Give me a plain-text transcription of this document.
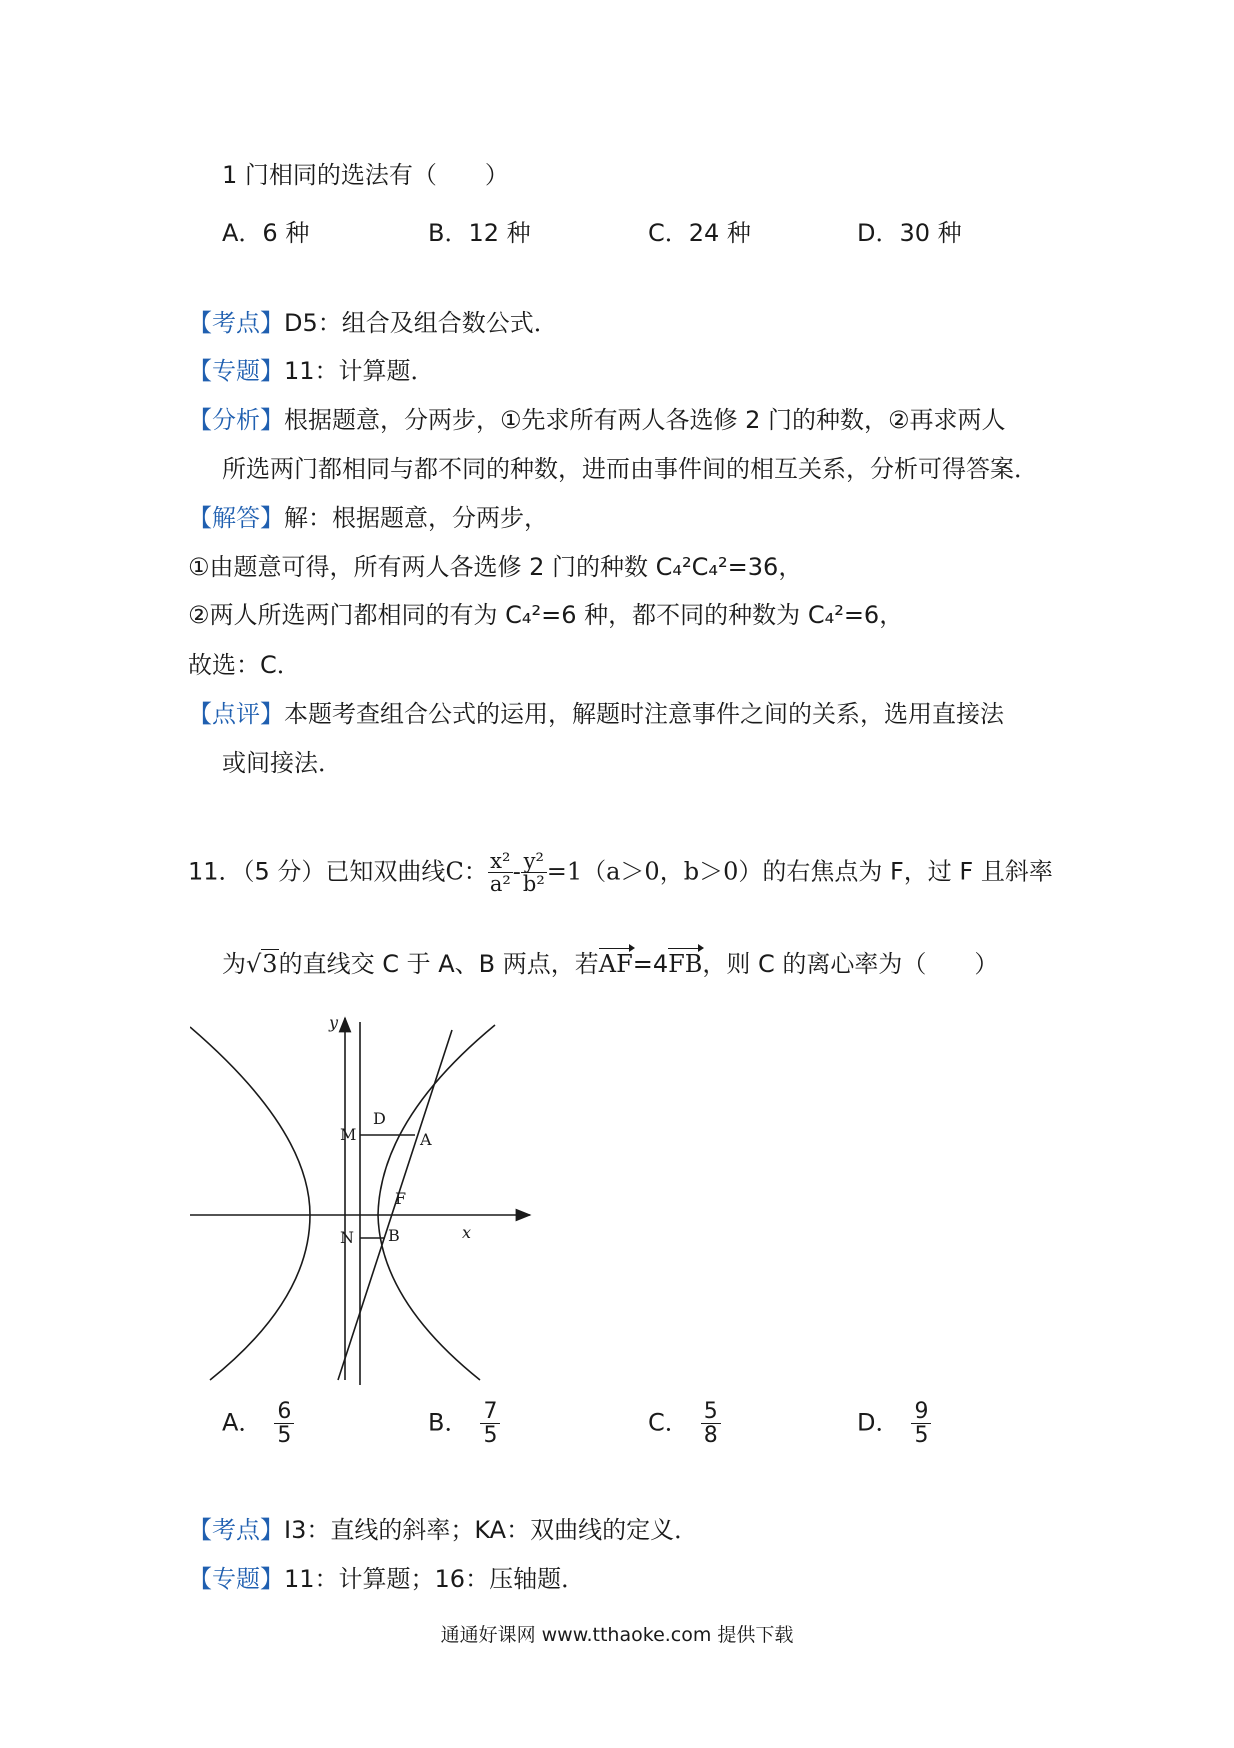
1 门相同的选法有（　　）
A．6 种	B．12 种	C．24 种	D．30 种
【考点】D5：组合及组合数公式．
【专题】11：计算题．
【分析】根据题意，分两步，①先求所有两人各选修 2 门的种数，②再求两人
所选两门都相同与都不同的种数，进而由事件间的相互关系，分析可得答案．
【解答】解：根据题意，分两步，
①由题意可得，所有两人各选修 2 门的种数 C₄²C₄²=36，
②两人所选两门都相同的有为 C₄²=6 种，都不同的种数为 C₄²=6，
故选：C．
【点评】本题考查组合公式的运用，解题时注意事件之间的关系，选用直接法
或间接法．
11．（5 分）已知双曲线C： $\frac{\text{x²}}{\text{a²}} - \frac{\text{y²}}{\text{b²}} =1(a>0$，b＞0）的右焦点为 F，过 F 且斜率
为√3的直线交 C 于 A、B 两点，若AF=4FB，则 C 的离心率为（　　）
y
x
M
D
A
F
N B
A． $\frac{6}{5}$	B． $\frac{7}{5}$	C． $\frac{5}{8}$	D． $\frac{9}{5}$
【考点】I3：直线的斜率；KA：双曲线的定义．
【专题】11：计算题；16：压轴题．
通通好课网 www.tthaoke.com 提供下载
